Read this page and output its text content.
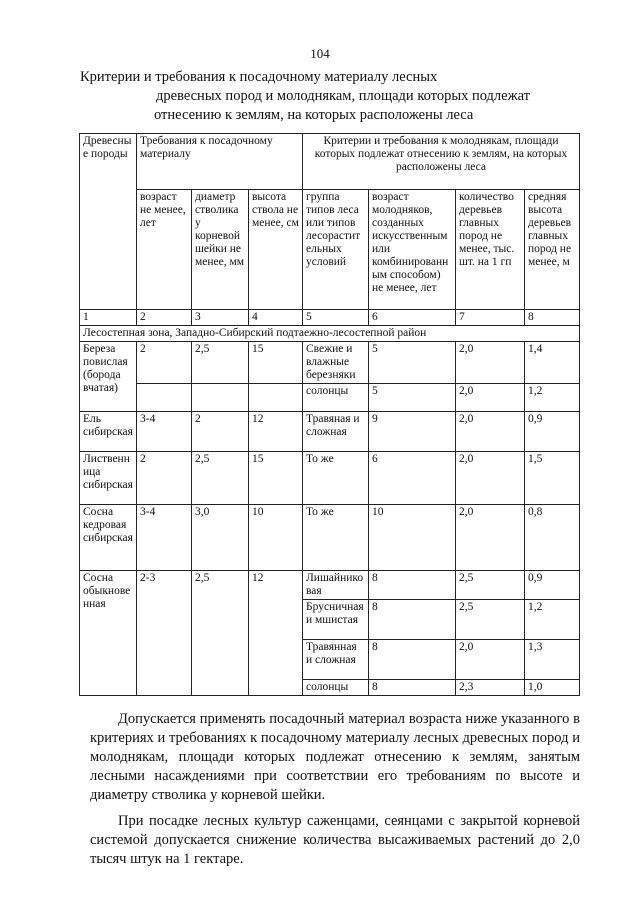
104
Критерии и требования к посадочному материалу лесных
древесных пород и молоднякам, площади которых подлежат
отнесению к землям, на которых расположены леса
Древесные породы	Требования к посадочному материалу			Критерии и требования к молоднякам, площади которых подлежат отнесению к землям, на которых расположены леса			
	возраст не менее, лет	диаметр стволика у корневой шейки не менее, мм	высота ствола не менее, см	группа типов леса или типов лесорастительных условий	возраст молодняков, созданных искусственным или комбинированным способом) не менее, лет	количество деревьев главных пород не менее, тыс. шт. на 1 гп	средняя высота деревьев главных пород не менее, м
1	2	3	4	5	6	7	8
Лесостепная зона, Западно-Сибирский подтаежно-лесостепной район							
Береза повислая (борода вчатая)	2	2,5	15	Свежие и влажные березняки	5	2,0	1,4
				солонцы	5	2,0	1,2
Ель сибирская	3-4	2	12	Травяная и сложная	9	2,0	0,9
Лиственница сибирская	2	2,5	15	То же	6	2,0	1,5
Сосна кедровая сибирская	3-4	3,0	10	То же	10	2,0	0,8
Сосна обыкновенная	2-3	2,5	12	Лишайниковая	8	2,5	0,9
				Брусничная и мшистая	8	2,5	1,2
				Травянная и сложная	8	2,0	1,3
				солонцы	8	2,3	1,0

Допускается применять посадочный материал возраста ниже указанного в критериях и требованиях к посадочному материалу лесных древесных пород и молоднякам, площади которых подлежат отнесению к землям, занятым лесными насаждениями при соответствии его требованиям по высоте и диаметру стволика у корневой шейки.

При посадке лесных культур саженцами, сеянцами с закрытой корневой системой допускается снижение количества высаживаемых растений до 2,0 тысяч штук на 1 гектаре.
